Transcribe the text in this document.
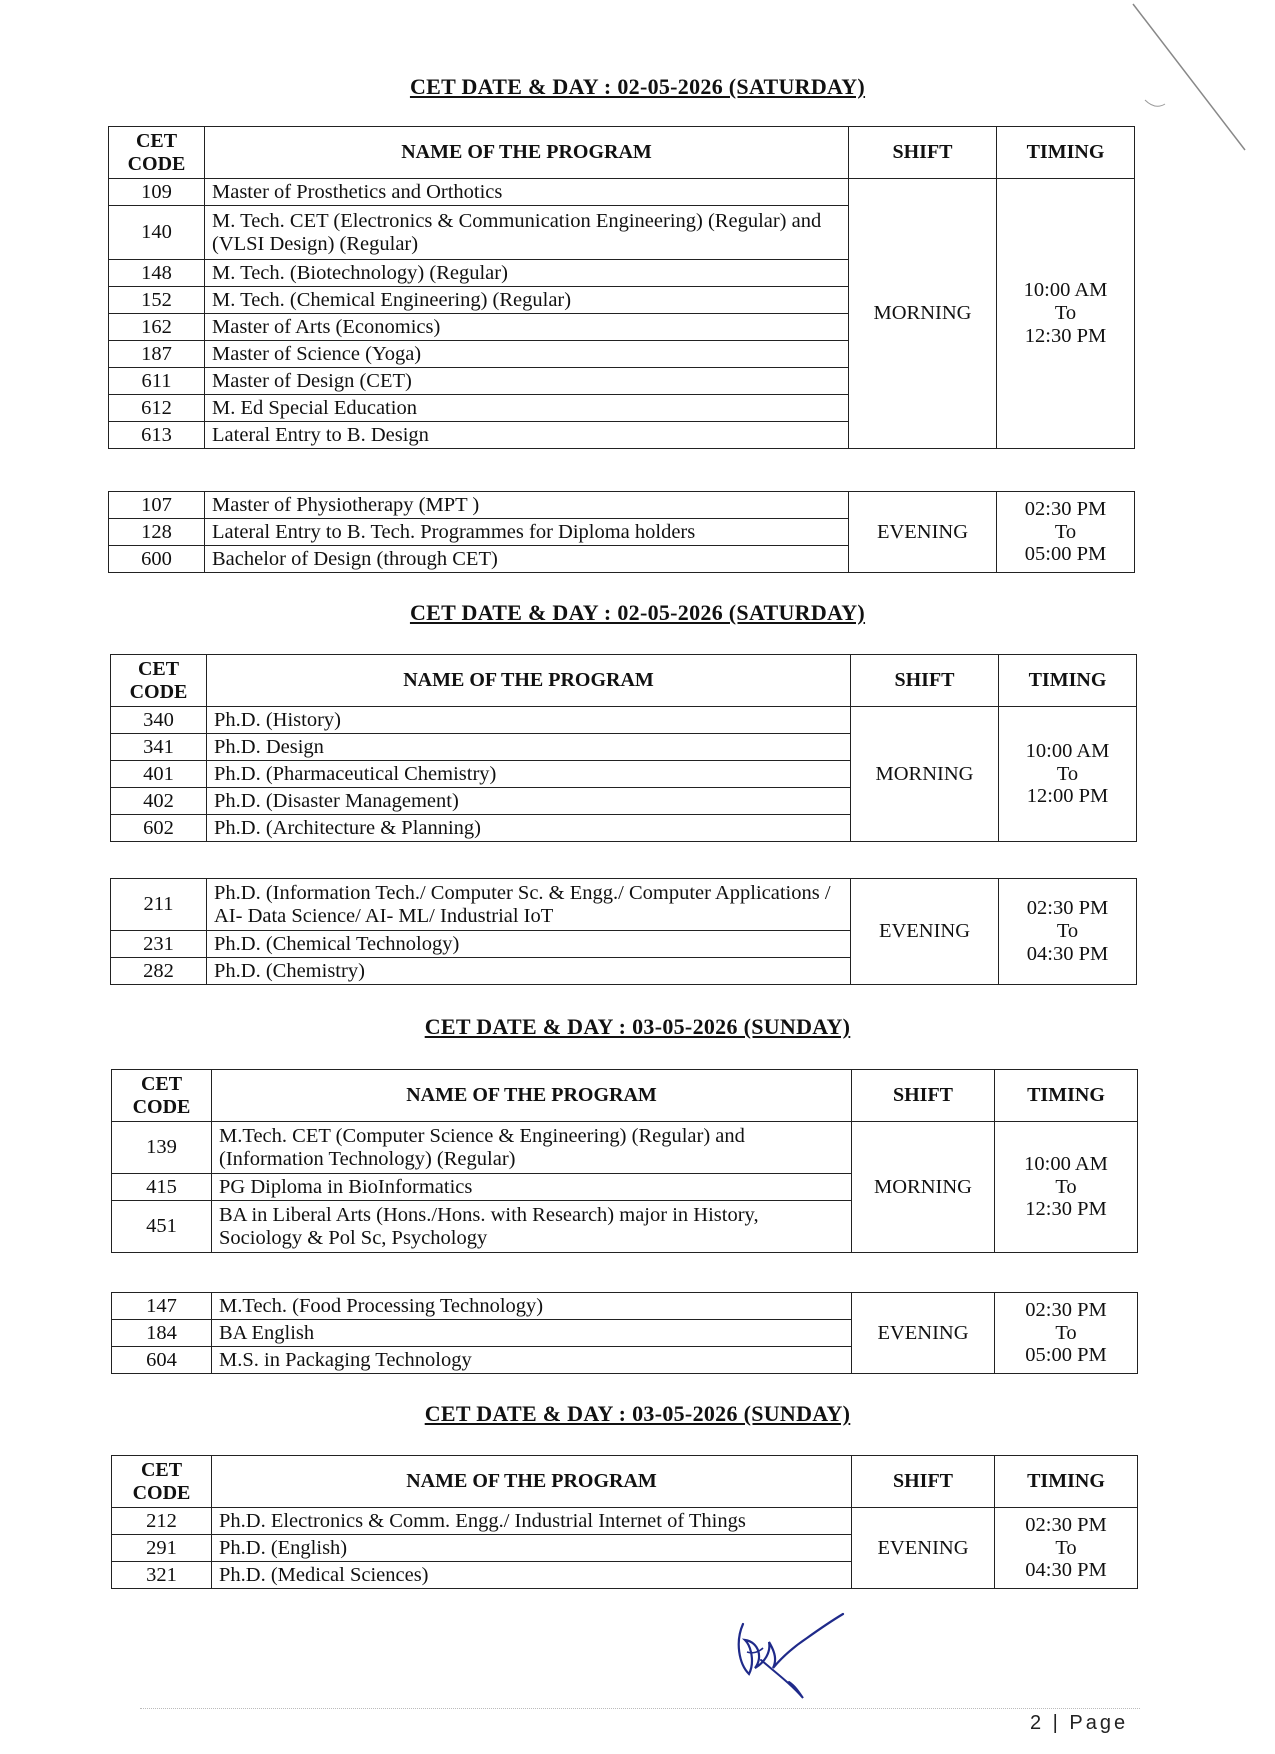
CET DATE & DAY : 02-05-2026 (SATURDAY)
CET
CODE	NAME OF THE PROGRAM	SHIFT	TIMING
109	Master of Prosthetics and Orthotics	MORNING	10:00 AM
To
12:30 PM

140	M. Tech. CET (Electronics & Communication Engineering) (Regular) and (VLSI Design) (Regular)		
148	M. Tech. (Biotechnology) (Regular)		
152	M. Tech. (Chemical Engineering) (Regular)		
162	Master of Arts (Economics)		
187	Master of Science (Yoga)		
611	Master of Design (CET)		
612	M. Ed Special Education		
613	Lateral Entry to B. Design		
107	Master of Physiotherapy (MPT )	EVENING	02:30 PM
To
05:00 PM

128	Lateral Entry to B. Tech. Programmes for Diploma holders		
600	Bachelor of Design (through CET)		
CET DATE & DAY : 02-05-2026 (SATURDAY)
CET
CODE	NAME OF THE PROGRAM	SHIFT	TIMING
340	Ph.D. (History)	MORNING	10:00 AM
To
12:00 PM

341	Ph.D. Design		
401	Ph.D. (Pharmaceutical Chemistry)		
402	Ph.D. (Disaster Management)		
602	Ph.D. (Architecture & Planning)		
211	Ph.D. (Information Tech./ Computer Sc. & Engg./ Computer Applications / AI- Data Science/ AI- ML/ Industrial IoT	EVENING	02:30 PM
To
04:30 PM

231	Ph.D. (Chemical Technology)		
282	Ph.D. (Chemistry)		
CET DATE & DAY : 03-05-2026 (SUNDAY)
CET
CODE	NAME OF THE PROGRAM	SHIFT	TIMING
139	M.Tech. CET (Computer Science & Engineering) (Regular) and (Information Technology) (Regular)	MORNING	10:00 AM
To
12:30 PM

415	PG Diploma in BioInformatics		
451	BA in Liberal Arts (Hons./Hons. with Research) major in History, Sociology & Pol Sc, Psychology		
147	M.Tech. (Food Processing Technology)	EVENING	02:30 PM
To
05:00 PM

184	BA English		
604	M.S. in Packaging Technology		
CET DATE & DAY : 03-05-2026 (SUNDAY)
CET
CODE	NAME OF THE PROGRAM	SHIFT	TIMING
212	Ph.D. Electronics & Comm. Engg./ Industrial Internet of Things	EVENING	02:30 PM
To
04:30 PM

291	Ph.D. (English)		
321	Ph.D. (Medical Sciences)		
2 | Page
